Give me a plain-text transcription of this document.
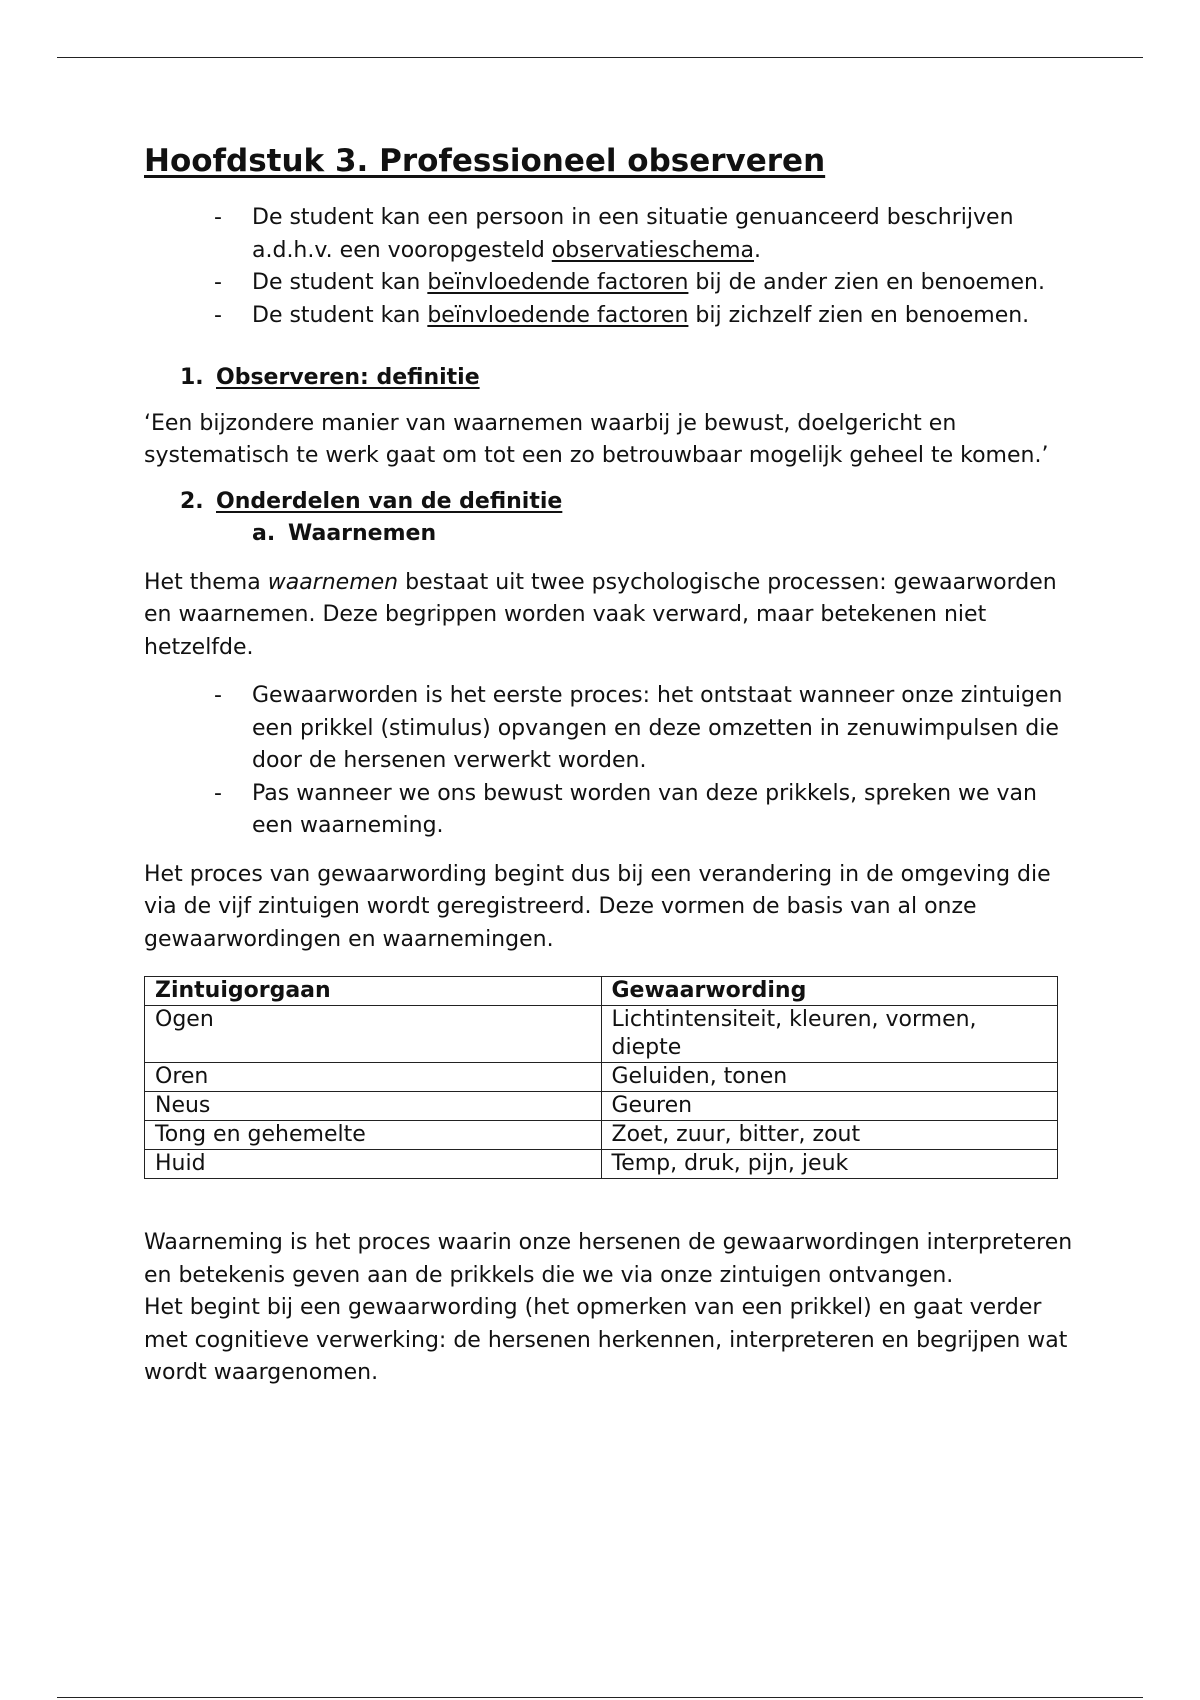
Hoofdstuk 3. Professioneel observeren
- De student kan een persoon in een situatie genuanceerd beschrijven a.d.h.v. een vooropgesteld observatieschema.
- De student kan beïnvloedende factoren bij de ander zien en benoemen.
- De student kan beïnvloedende factoren bij zichzelf zien en benoemen.
1. Observeren: definitie

‘Een bijzondere manier van waarnemen waarbij je bewust, doelgericht en systematisch te werk gaat om tot een zo betrouwbaar mogelijk geheel te komen.’

2. Onderdelen van de definitie
a. Waarnemen

Het thema waarnemen bestaat uit twee psychologische processen: gewaarworden en waarnemen. Deze begrippen worden vaak verward, maar betekenen niet hetzelfde.

- Gewaarworden is het eerste proces: het ontstaat wanneer onze zintuigen een prikkel (stimulus) opvangen en deze omzetten in zenuwimpulsen die door de hersenen verwerkt worden.
- Pas wanneer we ons bewust worden van deze prikkels, spreken we van een waarneming.

Het proces van gewaarwording begint dus bij een verandering in de omgeving die via de vijf zintuigen wordt geregistreerd. Deze vormen de basis van al onze gewaarwordingen en waarnemingen.

Zintuigorgaan	Gewaarwording
Ogen	Lichtintensiteit, kleuren, vormen, diepte
Oren	Geluiden, tonen
Neus	Geuren
Tong en gehemelte	Zoet, zuur, bitter, zout
Huid	Temp, druk, pijn, jeuk

Waarneming is het proces waarin onze hersenen de gewaarwordingen interpreteren en betekenis geven aan de prikkels die we via onze zintuigen ontvangen.

Het begint bij een gewaarwording (het opmerken van een prikkel) en gaat verder met cognitieve verwerking: de hersenen herkennen, interpreteren en begrijpen wat wordt waargenomen.
